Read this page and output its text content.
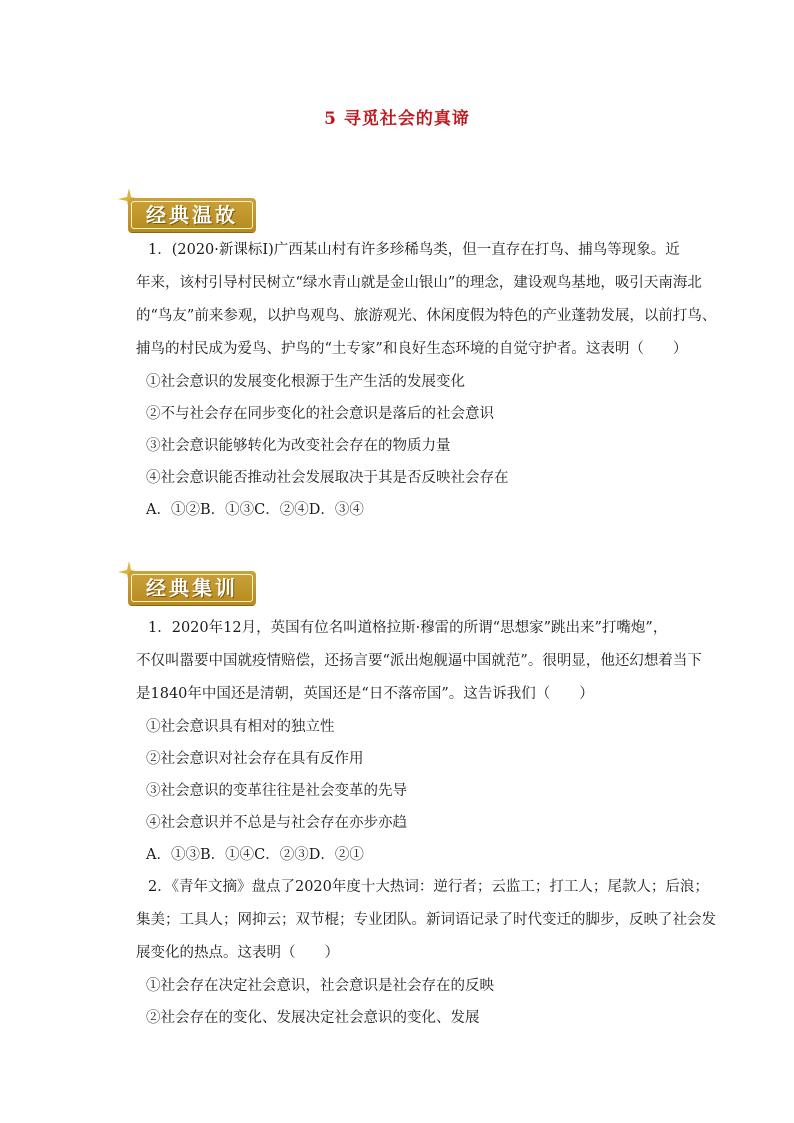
5 寻觅社会的真谛
经典温故
1．(2020·新课标Ⅰ)广西某山村有许多珍稀鸟类，但一直存在打鸟、捕鸟等现象。近
年来，该村引导村民树立“绿水青山就是金山银山”的理念，建设观鸟基地，吸引天南海北
的“鸟友”前来参观，以护鸟观鸟、旅游观光、休闲度假为特色的产业蓬勃发展，以前打鸟、
捕鸟的村民成为爱鸟、护鸟的“土专家”和良好生态环境的自觉守护者。这表明（　　）
①社会意识的发展变化根源于生产生活的发展变化
②不与社会存在同步变化的社会意识是落后的社会意识
③社会意识能够转化为改变社会存在的物质力量
④社会意识能否推动社会发展取决于其是否反映社会存在
A．①②B．①③C．②④D．③④
经典集训
1．2020年12月，英国有位名叫道格拉斯·穆雷的所谓“思想家”跳出来”打嘴炮”，
不仅叫嚣要中国就疫情赔偿，还扬言要“派出炮舰逼中国就范”。很明显，他还幻想着当下
是1840年中国还是清朝，英国还是“日不落帝国”。这告诉我们（　　）
①社会意识具有相对的独立性
②社会意识对社会存在具有反作用
③社会意识的变革往往是社会变革的先导
④社会意识并不总是与社会存在亦步亦趋
A．①③B．①④C．②③D．②①
2．《青年文摘》盘点了2020年度十大热词：逆行者；云监工；打工人；尾款人；后浪；
集美；工具人；网抑云；双节棍；专业团队。新词语记录了时代变迁的脚步，反映了社会发
展变化的热点。这表明（　　）
①社会存在决定社会意识，社会意识是社会存在的反映
②社会存在的变化、发展决定社会意识的变化、发展
